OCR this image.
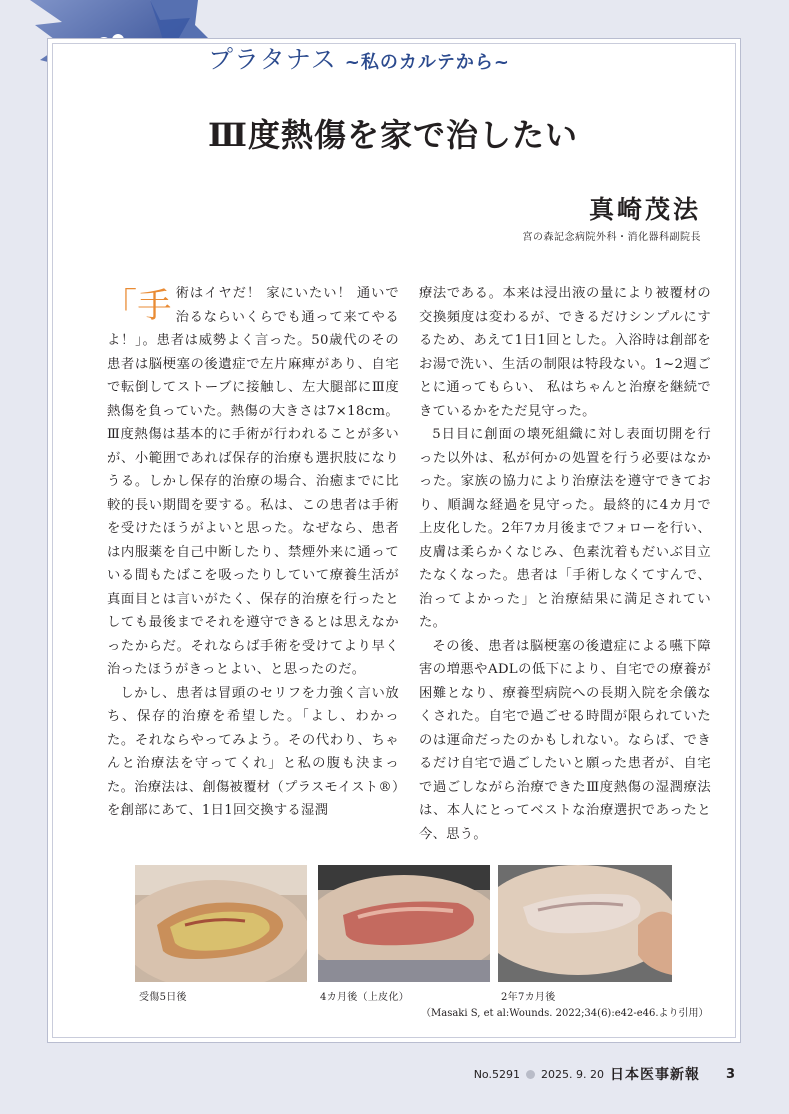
プラタナス ~私のカルテから~
Ⅲ度熱傷を家で治したい
真崎茂法
宮の森記念病院外科・消化器科副院長

「手 術はイヤだ！ 家にいたい！ 通いで治るならいくらでも通って来てやるよ！」。患者は威勢よく言った。50歳代のその患者は脳梗塞の後遺症で左片麻痺があり、自宅で転倒してストーブに接触し、左大腿部にⅢ度熱傷を負っていた。熱傷の大きさは7×18cm。Ⅲ度熱傷は基本的に手術が行われることが多いが、小範囲であれば保存的治療も選択肢になりうる。しかし保存的治療の場合、治癒までに比較的長い期間を要する。私は、この患者は手術を受けたほうがよいと思った。なぜなら、患者は内服薬を自己中断したり、禁煙外来に通っている間もたばこを吸ったりしていて療養生活が真面目とは言いがたく、保存的治療を行ったとしても最後までそれを遵守できるとは思えなかったからだ。それならば手術を受けてより早く治ったほうがきっとよい、と思ったのだ。

しかし、患者は冒頭のセリフを力強く言い放ち、保存的治療を希望した。「よし、わかった。それならやってみよう。その代わり、ちゃんと治療法を守ってくれ」と私の腹も決まった。治療法は、創傷被覆材（プラスモイスト®）を創部にあて、1日1回交換する湿潤

療法である。本来は浸出液の量により被覆材の交換頻度は変わるが、できるだけシンプルにするため、あえて1日1回とした。入浴時は創部をお湯で洗い、生活の制限は特段ない。1~2週ごとに通ってもらい、 私はちゃんと治療を継続できているかをただ見守った。

5日目に創面の壊死組織に対し表面切開を行った以外は、私が何かの処置を行う必要はなかった。家族の協力により治療法を遵守できており、順調な経過を見守った。最終的に4カ月で上皮化した。2年7カ月後までフォローを行い、皮膚は柔らかくなじみ、色素沈着もだいぶ目立たなくなった。患者は「手術しなくてすんで、治ってよかった」と治療結果に満足されていた。

その後、患者は脳梗塞の後遺症による嚥下障害の増悪やADLの低下により、自宅での療養が困難となり、療養型病院への長期入院を余儀なくされた。自宅で過ごせる時間が限られていたのは運命だったのかもしれない。ならば、できるだけ自宅で過ごしたいと願った患者が、自宅で過ごしながら治療できたⅢ度熱傷の湿潤療法は、本人にとってベストな治療選択であったと今、思う。

受傷5日後	4カ月後（上皮化）	2年7カ月後
（Masaki S, et al:Wounds. 2022;34(6):e42-e46.より引用）
No.5291 2025. 9. 20 日本医事新報 3
